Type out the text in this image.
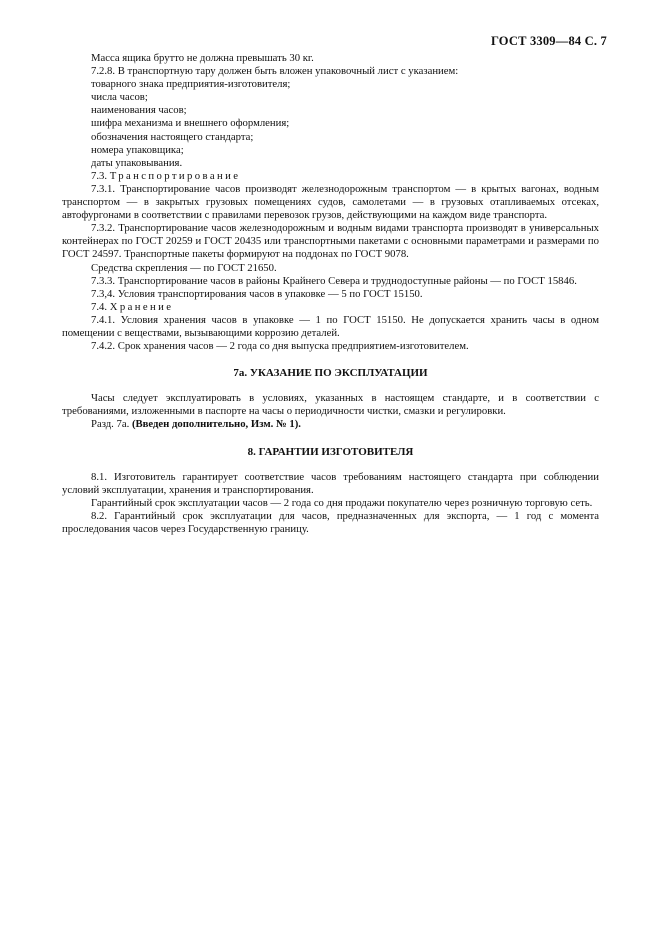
ГОСТ 3309—84 С. 7

Масса ящика брутто не должна превышать 30 кг.

7.2.8. В транспортную тару должен быть вложен упаковочный лист с указанием:

товарного знака предприятия-изготовителя;

числа часов;

наименования часов;

шифра механизма и внешнего оформления;

обозначения настоящего стандарта;

номера упаковщика;

даты упаковывания.

7.3. Транспортирование

7.3.1. Транспортирование часов производят железнодорожным транспортом — в крытых вагонах, водным транспортом — в закрытых грузовых помещениях судов, самолетами — в грузовых отапливаемых отсеках, автофургонами в соответствии с правилами перевозок грузов, действующими на каждом виде транспорта.

7.3.2. Транспортирование часов железнодорожным и водным видами транспорта производят в универсальных контейнерах по ГОСТ 20259 и ГОСТ 20435 или транспортными пакетами с основными параметрами и размерами по ГОСТ 24597. Транспортные пакеты формируют на поддонах по ГОСТ 9078.

Средства скрепления — по ГОСТ 21650.

7.3.3. Транспортирование часов в районы Крайнего Севера и труднодоступные районы — по ГОСТ 15846.

7.3,4. Условия транспортирования часов в упаковке — 5 по ГОСТ 15150.

7.4. Хранение

7.4.1. Условия хранения часов в упаковке — 1 по ГОСТ 15150. Не допускается хранить часы в одном помещении с веществами, вызывающими коррозию деталей.

7.4.2. Срок хранения часов — 2 года со дня выпуска предприятием-изготовителем.

7а. УКАЗАНИЕ ПО ЭКСПЛУАТАЦИИ

Часы следует эксплуатировать в условиях, указанных в настоящем стандарте, и в соответствии с требованиями, изложенными в паспорте на часы о периодичности чистки, смазки и регулировки.

Разд. 7а. (Введен дополнительно, Изм. № 1).

8. ГАРАНТИИ ИЗГОТОВИТЕЛЯ

8.1. Изготовитель гарантирует соответствие часов требованиям настоящего стандарта при соблюдении условий эксплуатации, хранения и транспортирования.

Гарантийный срок эксплуатации часов — 2 года со дня продажи покупателю через розничную торговую сеть.

8.2. Гарантийный срок эксплуатации для часов, предназначенных для экспорта, — 1 год с момента проследования часов через Государственную границу.
